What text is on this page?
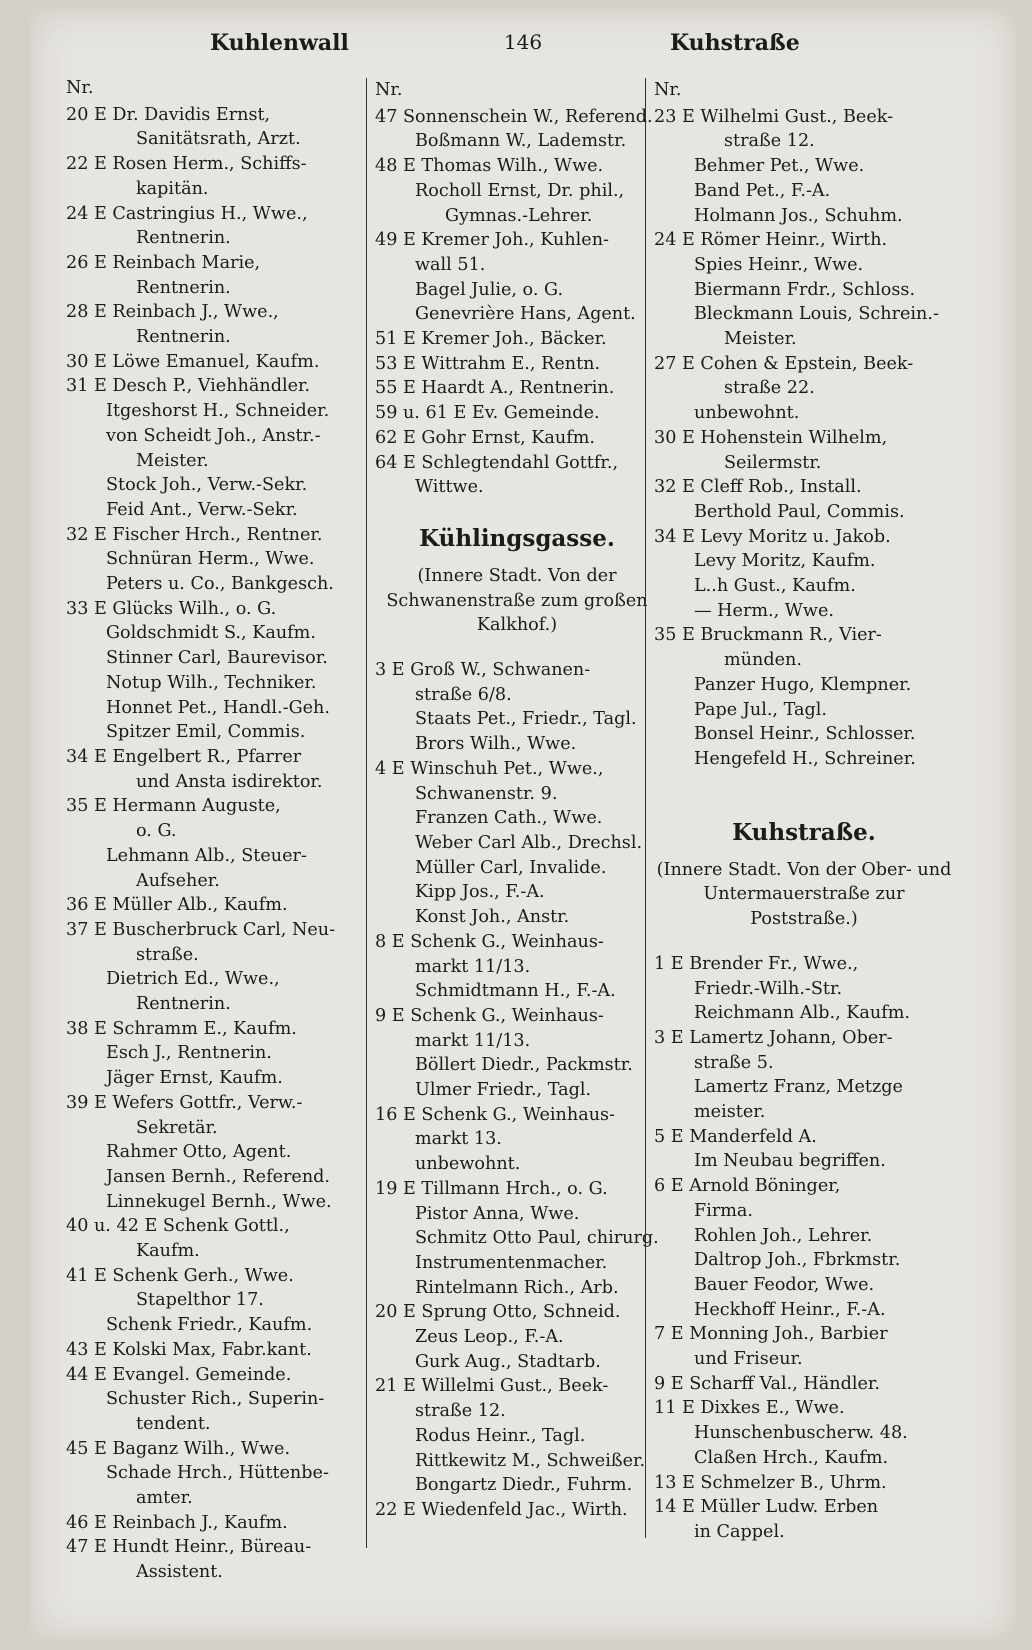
Kuhlenwall	146	Kuhstraße
Nr.
20 E Dr. Davidis Ernst,
Sanitätsrath, Arzt.
22 E Rosen Herm., Schiffs-
kapitän.
24 E Castringius H., Wwe.,
Rentnerin.
26 E Reinbach Marie,
Rentnerin.
28 E Reinbach J., Wwe.,
Rentnerin.
30 E Löwe Emanuel, Kaufm.
31 E Desch P., Viehhändler.
Itgeshorst H., Schneider.
von Scheidt Joh., Anstr.-
Meister.
Stock Joh., Verw.-Sekr.
Feid Ant., Verw.-Sekr.
32 E Fischer Hrch., Rentner.
Schnüran Herm., Wwe.
Peters u. Co., Bankgesch.
33 E Glücks Wilh., o. G.
Goldschmidt S., Kaufm.
Stinner Carl, Baurevisor.
Notup Wilh., Techniker.
Honnet Pet., Handl.-Geh.
Spitzer Emil, Commis.
34 E Engelbert R., Pfarrer
und Ansta isdirektor.
35 E Hermann Auguste,
o. G.
Lehmann Alb., Steuer-
Aufseher.
36 E Müller Alb., Kaufm.
37 E Buscherbruck Carl, Neu-
straße.
Dietrich Ed., Wwe.,
Rentnerin.
38 E Schramm E., Kaufm.
Esch J., Rentnerin.
Jäger Ernst, Kaufm.
39 E Wefers Gottfr., Verw.-
Sekretär.
Rahmer Otto, Agent.
Jansen Bernh., Referend.
Linnekugel Bernh., Wwe.
40 u. 42 E Schenk Gottl.,
Kaufm.
41 E Schenk Gerh., Wwe.
Stapelthor 17.
Schenk Friedr., Kaufm.
43 E Kolski Max, Fabr.kant.
44 E Evangel. Gemeinde.
Schuster Rich., Superin-
tendent.
45 E Baganz Wilh., Wwe.
Schade Hrch., Hüttenbe-
amter.
46 E Reinbach J., Kaufm.
47 E Hundt Heinr., Büreau-
Assistent.
Nr.
47 Sonnenschein W., Referend.
Boßmann W., Lademstr.
48 E Thomas Wilh., Wwe.
Rocholl Ernst, Dr. phil.,
Gymnas.-Lehrer.
49 E Kremer Joh., Kuhlen-
wall 51.
Bagel Julie, o. G.
Genevrière Hans, Agent.
51 E Kremer Joh., Bäcker.
53 E Wittrahm E., Rentn.
55 E Haardt A., Rentnerin.
59 u. 61 E Ev. Gemeinde.
62 E Gohr Ernst, Kaufm.
64 E Schlegtendahl Gottfr.,
Wittwe.
Kühlingsgasse.
(Innere Stadt. Von der Schwanenstraße zum großen Kalkhof.)
3 E Groß W., Schwanen-
straße 6/8.
Staats Pet., Friedr., Tagl.
Brors Wilh., Wwe.
4 E Winschuh Pet., Wwe.,
Schwanenstr. 9.
Franzen Cath., Wwe.
Weber Carl Alb., Drechsl.
Müller Carl, Invalide.
Kipp Jos., F.-A.
Konst Joh., Anstr.
8 E Schenk G., Weinhaus-
markt 11/13.
Schmidtmann H., F.-A.
9 E Schenk G., Weinhaus-
markt 11/13.
Böllert Diedr., Packmstr.
Ulmer Friedr., Tagl.
16 E Schenk G., Weinhaus-
markt 13.
unbewohnt.
19 E Tillmann Hrch., o. G.
Pistor Anna, Wwe.
Schmitz Otto Paul, chirurg.
Instrumentenmacher.
Rintelmann Rich., Arb.
20 E Sprung Otto, Schneid.
Zeus Leop., F.-A.
Gurk Aug., Stadtarb.
21 E Willelmi Gust., Beek-
straße 12.
Rodus Heinr., Tagl.
Rittkewitz M., Schweißer.
Bongartz Diedr., Fuhrm.
22 E Wiedenfeld Jac., Wirth.
Nr.
23 E Wilhelmi Gust., Beek-
straße 12.
Behmer Pet., Wwe.
Band Pet., F.-A.
Holmann Jos., Schuhm.
24 E Römer Heinr., Wirth.
Spies Heinr., Wwe.
Biermann Frdr., Schloss.
Bleckmann Louis, Schrein.-
Meister.
27 E Cohen & Epstein, Beek-
straße 22.
unbewohnt.
30 E Hohenstein Wilhelm,
Seilermstr.
32 E Cleff Rob., Install.
Berthold Paul, Commis.
34 E Levy Moritz u. Jakob.
Levy Moritz, Kaufm.
L..h Gust., Kaufm.
— Herm., Wwe.
35 E Bruckmann R., Vier-
münden.
Panzer Hugo, Klempner.
Pape Jul., Tagl.
Bonsel Heinr., Schlosser.
Hengefeld H., Schreiner.
Kuhstraße.
(Innere Stadt. Von der Ober- und Untermauerstraße zur Poststraße.)
1 E Brender Fr., Wwe.,
Friedr.-Wilh.-Str.
Reichmann Alb., Kaufm.
3 E Lamertz Johann, Ober-
straße 5.
Lamertz Franz, Metzge
meister.
5 E Manderfeld A.
Im Neubau begriffen.
6 E Arnold Böninger,
Firma.
Rohlen Joh., Lehrer.
Daltrop Joh., Fbrkmstr.
Bauer Feodor, Wwe.
Heckhoff Heinr., F.-A.
7 E Monning Joh., Barbier
und Friseur.
9 E Scharff Val., Händler.
11 E Dixkes E., Wwe.
Hunschenbuscherw. 48.
Claßen Hrch., Kaufm.
13 E Schmelzer B., Uhrm.
14 E Müller Ludw. Erben
in Cappel.
